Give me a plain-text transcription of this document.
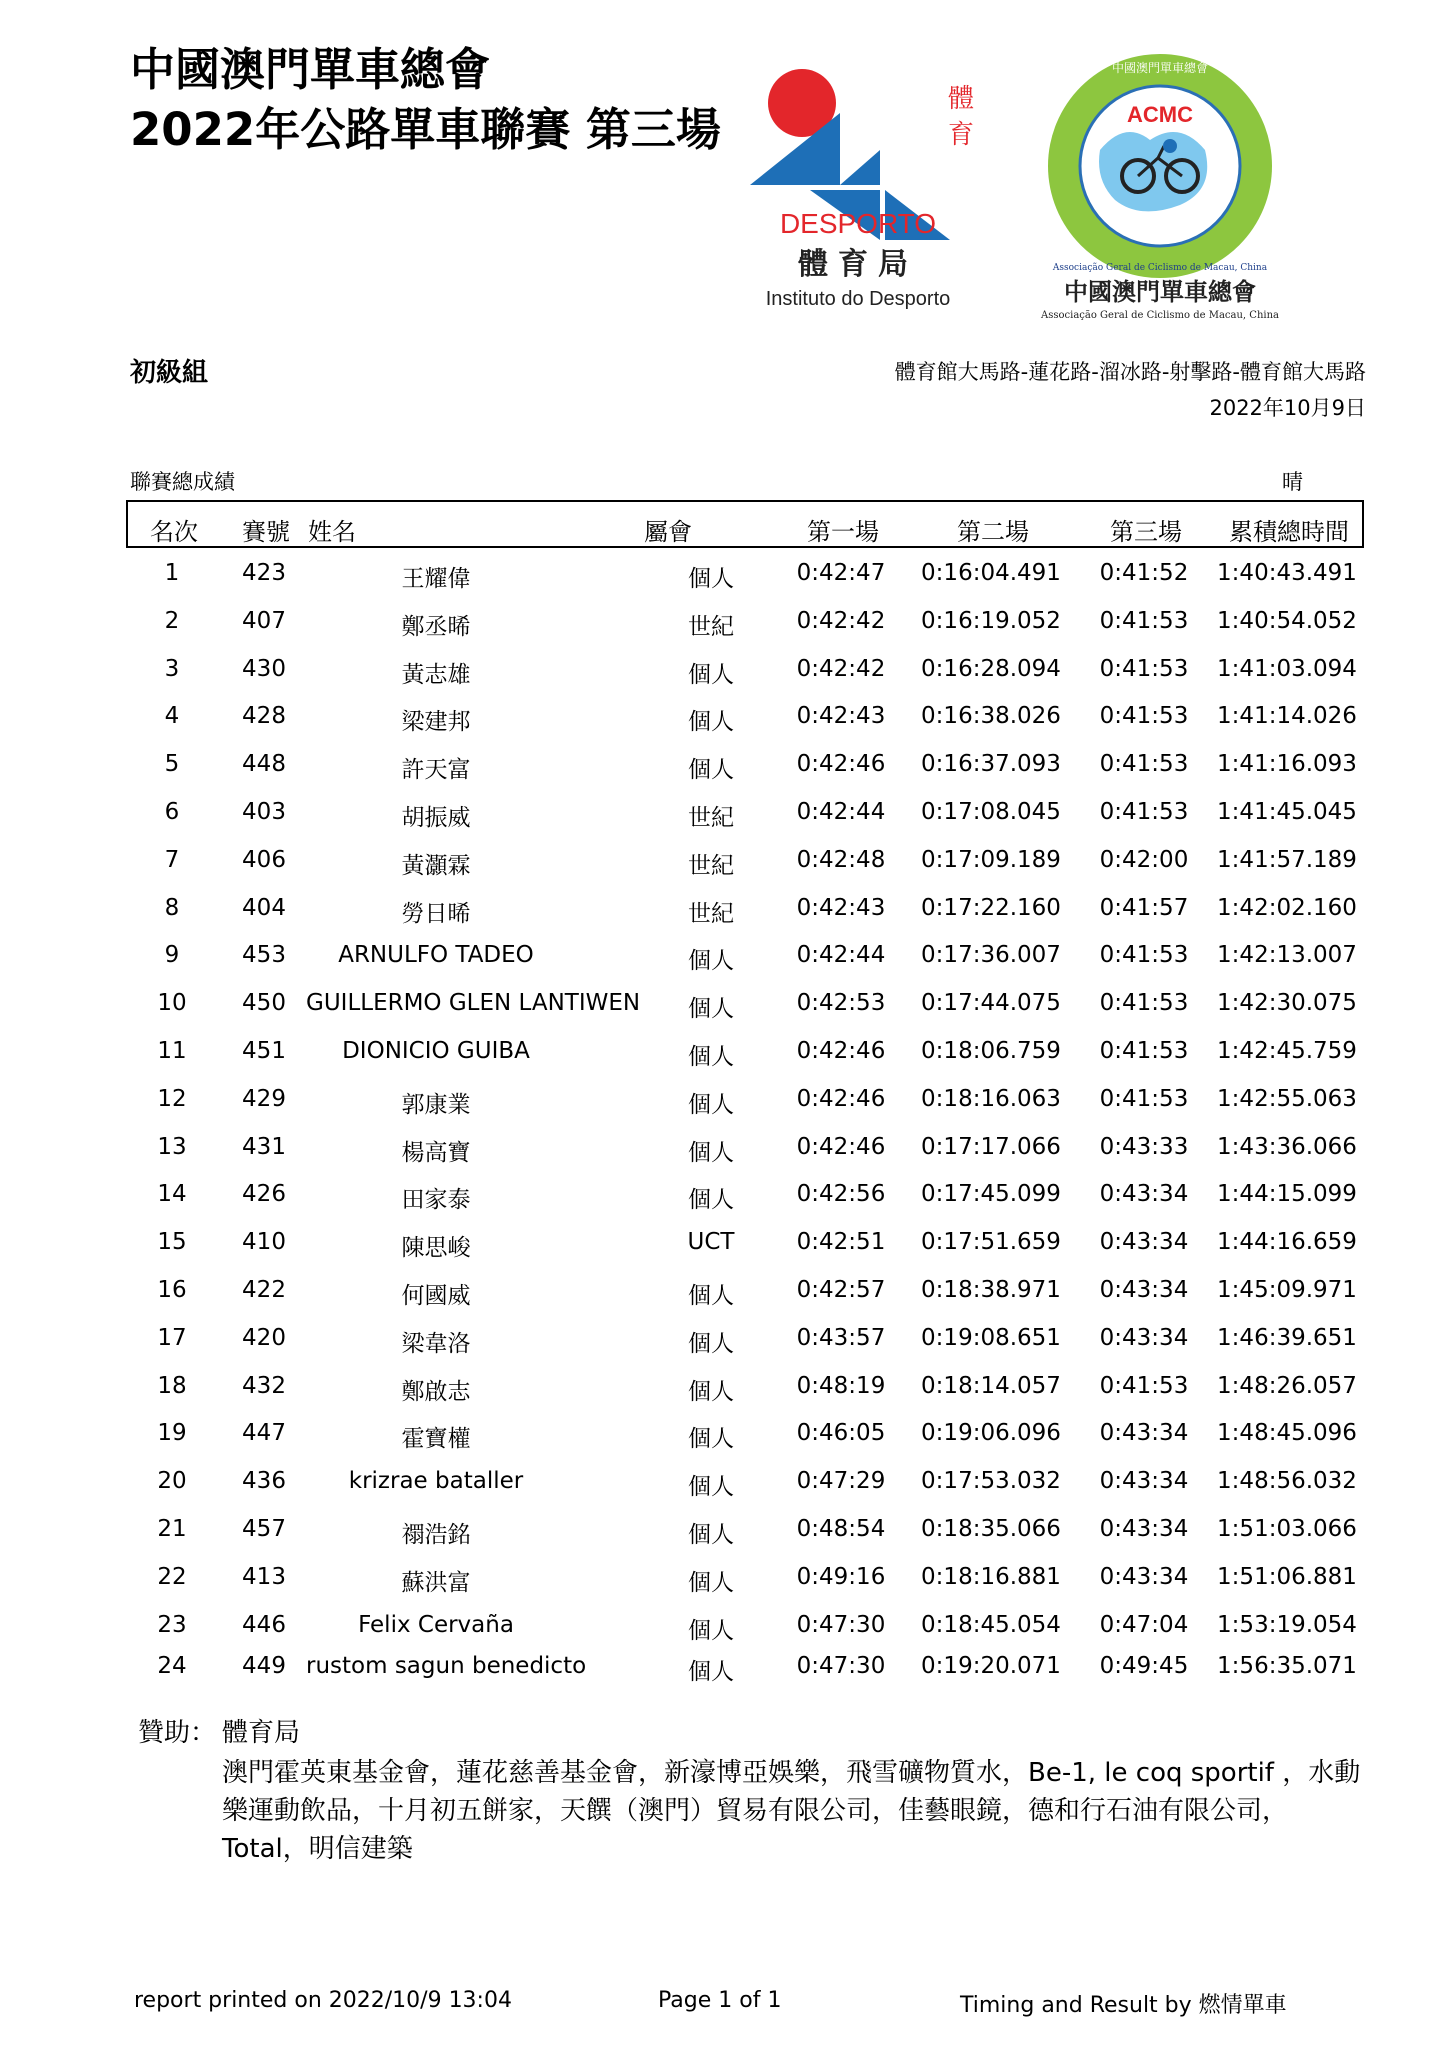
中國澳門單車總會
2022年公路單車聯賽 第三場
體
育
DESPORTO
體育局
Instituto do Desporto
ACMC
中國澳門單車總會
Associação Geral de Ciclismo de Macau, China
中國澳門單車總會
Associação Geral de Ciclismo de Macau, China
初級組	體育館大馬路-蓮花路-溜冰路-射擊路-體育館大馬路
2022年10月9日
聯賽總成績	晴
名次	賽號 姓名	屬會	第一場	第二場	第三場	累積總時間
1	423	王耀偉	個人	0:42:47	0:16:04.491	0:41:52	1:40:43.491
2	407	鄭丞晞	世紀	0:42:42	0:16:19.052	0:41:53	1:40:54.052
3	430	黃志雄	個人	0:42:42	0:16:28.094	0:41:53	1:41:03.094
4	428	梁建邦	個人	0:42:43	0:16:38.026	0:41:53	1:41:14.026
5	448	許天富	個人	0:42:46	0:16:37.093	0:41:53	1:41:16.093
6	403	胡振威	世紀	0:42:44	0:17:08.045	0:41:53	1:41:45.045
7	406	黃灝霖	世紀	0:42:48	0:17:09.189	0:42:00	1:41:57.189
8	404	勞日晞	世紀	0:42:43	0:17:22.160	0:41:57	1:42:02.160
9	453	ARNULFO TADEO	個人	0:42:44	0:17:36.007	0:41:53	1:42:13.007
10	450 GUILLERMO GLEN LANTIWEN	個人	0:42:53	0:17:44.075	0:41:53	1:42:30.075
11	451	DIONICIO GUIBA	個人	0:42:46	0:18:06.759	0:41:53	1:42:45.759
12	429	郭康業	個人	0:42:46	0:18:16.063	0:41:53	1:42:55.063
13	431	楊高寶	個人	0:42:46	0:17:17.066	0:43:33	1:43:36.066
14	426	田家泰	個人	0:42:56	0:17:45.099	0:43:34	1:44:15.099
15	410	陳思峻	UCT	0:42:51	0:17:51.659	0:43:34	1:44:16.659
16	422	何國威	個人	0:42:57	0:18:38.971	0:43:34	1:45:09.971
17	420	梁韋洛	個人	0:43:57	0:19:08.651	0:43:34	1:46:39.651
18	432	鄭啟志	個人	0:48:19	0:18:14.057	0:41:53	1:48:26.057
19	447	霍寶權	個人	0:46:05	0:19:06.096	0:43:34	1:48:45.096
20	436	krizrae bataller	個人	0:47:29	0:17:53.032	0:43:34	1:48:56.032
21	457	禤浩銘	個人	0:48:54	0:18:35.066	0:43:34	1:51:03.066
22	413	蘇洪富	個人	0:49:16	0:18:16.881	0:43:34	1:51:06.881
23	446	Felix Cervaña	個人	0:47:30	0:18:45.054	0:47:04	1:53:19.054
24	449 rustom sagun benedicto	個人	0:47:30	0:19:20.071	0:49:45	1:56:35.071
贊助： 體育局
澳門霍英東基金會，蓮花慈善基金會，新濠博亞娛樂，飛雪礦物質水，Be-1, le coq sportif ，水動樂運動飲品，十月初五餅家，天饌（澳門）貿易有限公司，佳藝眼鏡，德和行石油有限公司，Total，明信建築
report printed on 2022/10/9 13:04	Page 1 of 1	Timing and Result by 燃情單車
